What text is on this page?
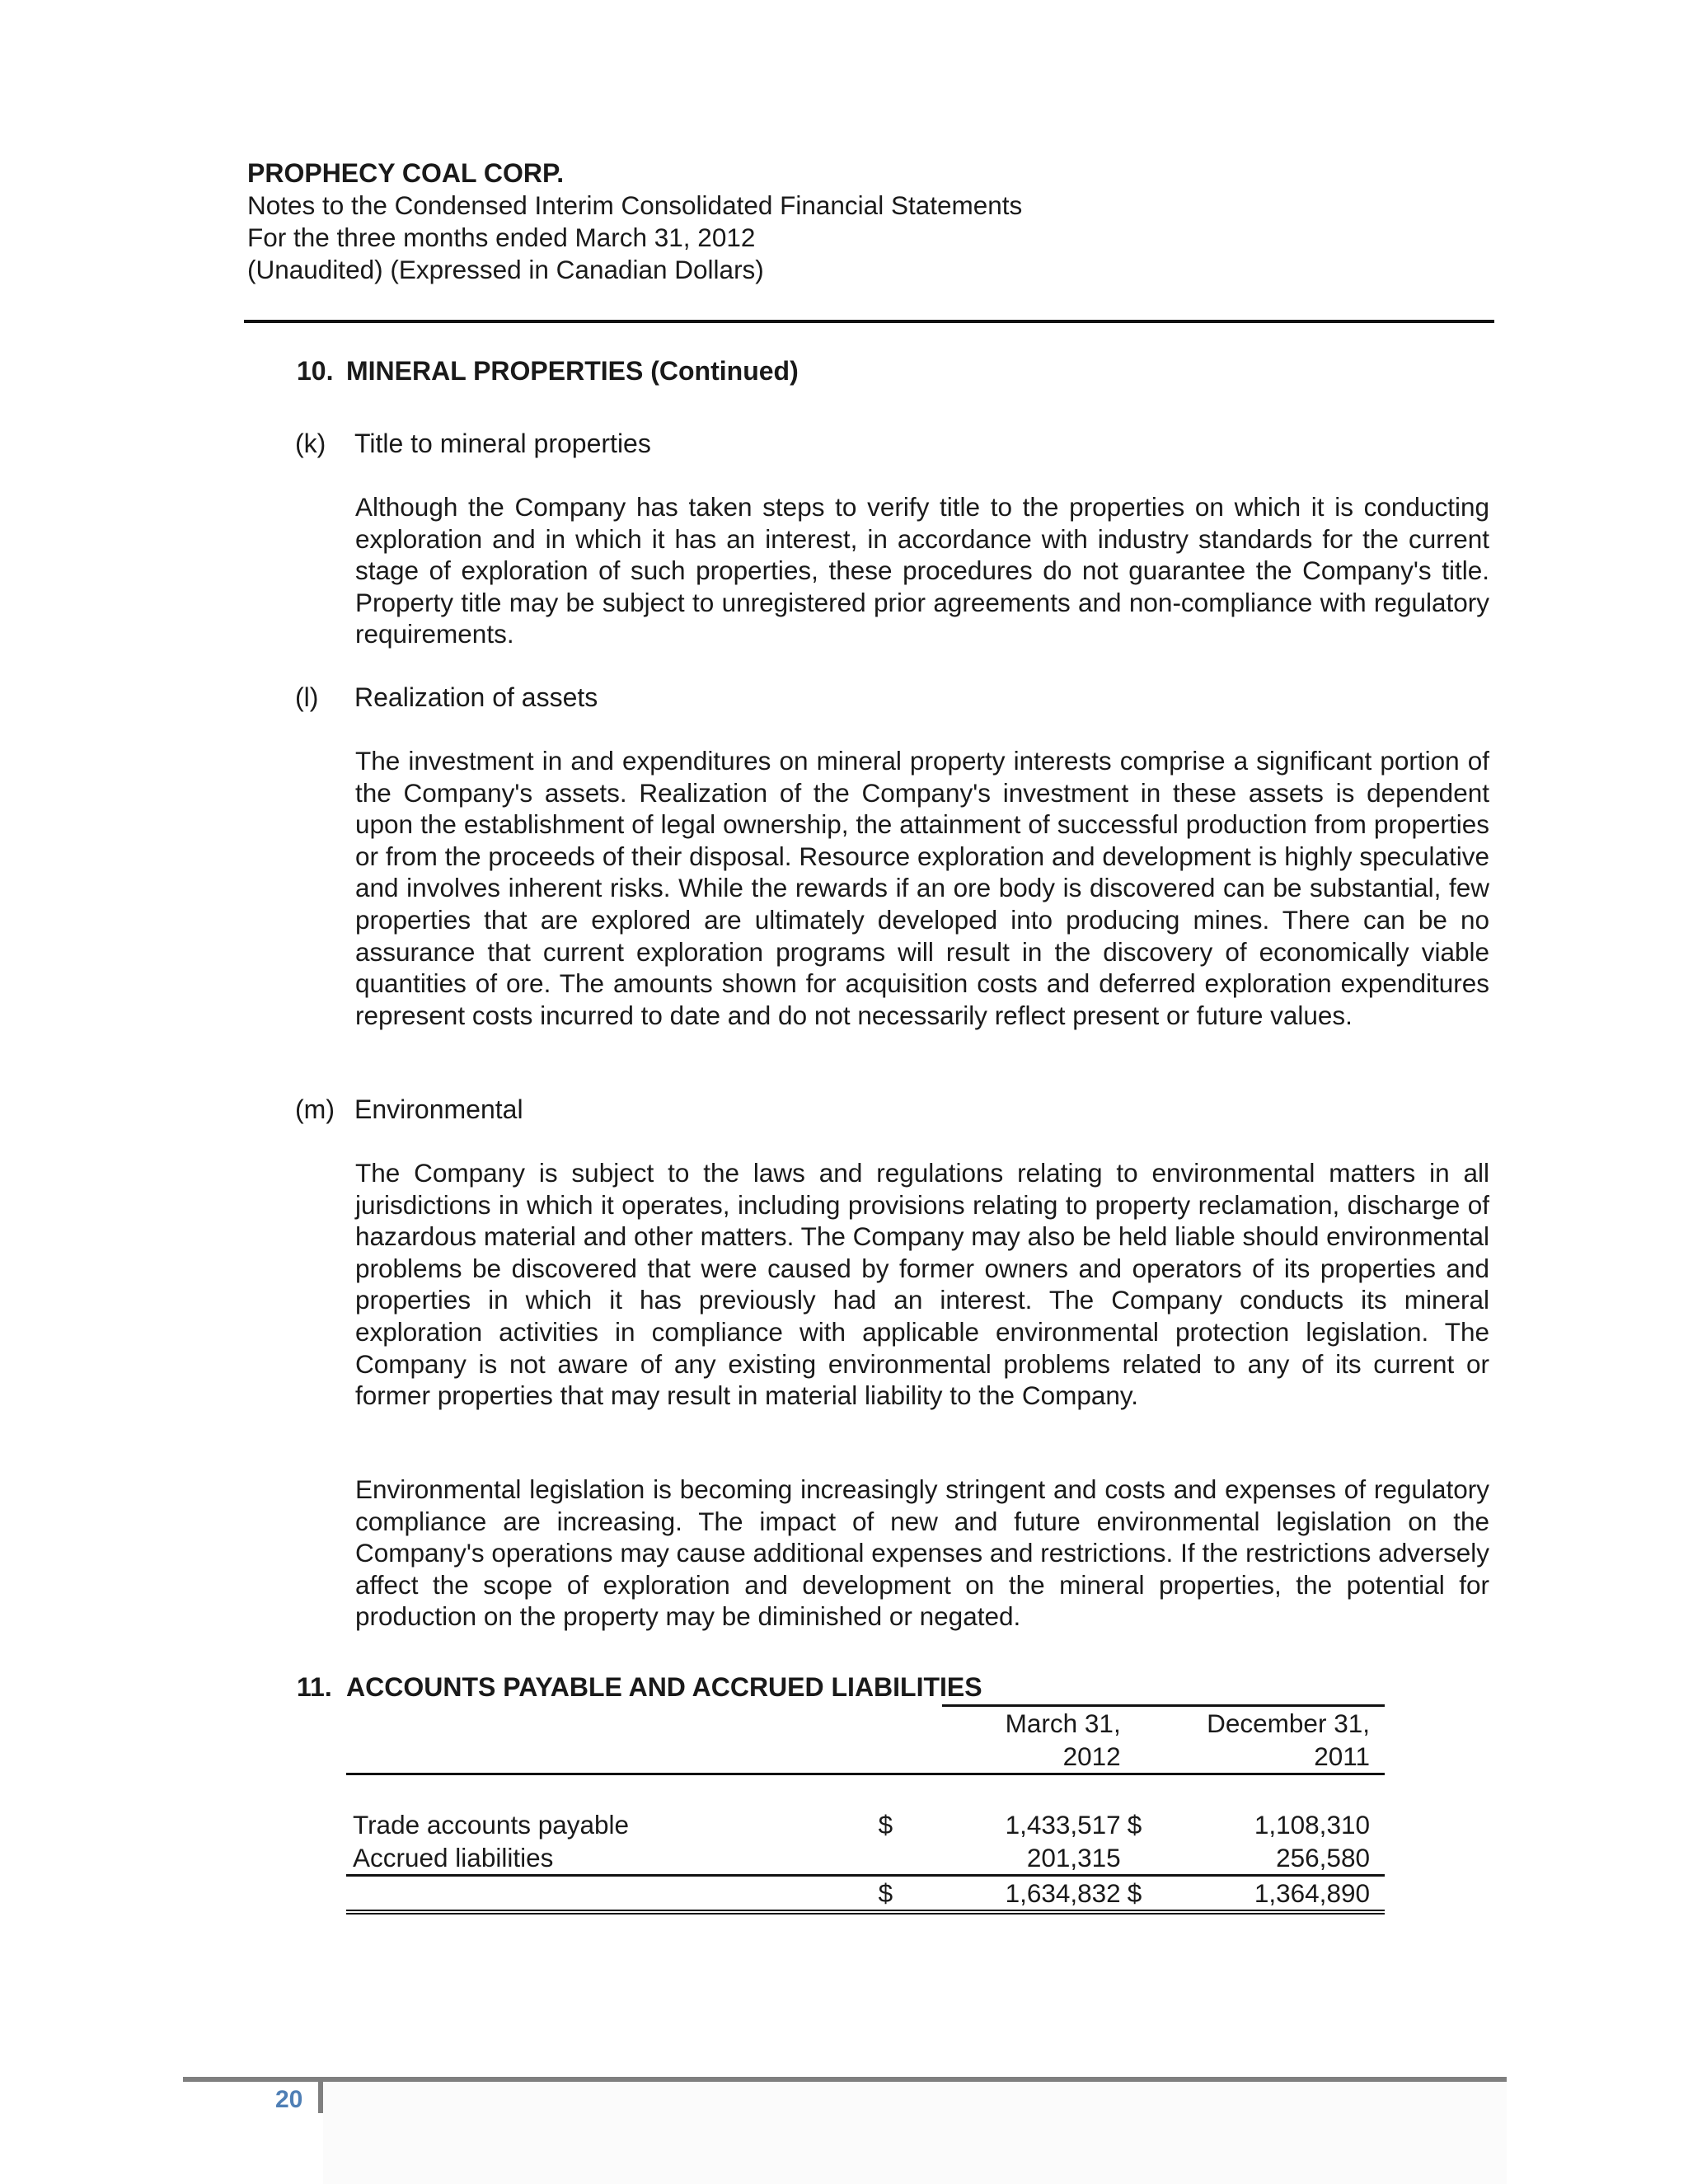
PROPHECY COAL CORP.
Notes to the Condensed Interim Consolidated Financial Statements
For the three months ended March 31, 2012
(Unaudited) (Expressed in Canadian Dollars)
10. MINERAL PROPERTIES (Continued)
(k) Title to mineral properties

Although the Company has taken steps to verify title to the properties on which it is conducting exploration and in which it has an interest, in accordance with industry standards for the current stage of exploration of such properties, these procedures do not guarantee the Company's title. Property title may be subject to unregistered prior agreements and non-compliance with regulatory requirements.

(l) Realization of assets

The investment in and expenditures on mineral property interests comprise a significant portion of the Company's assets. Realization of the Company's investment in these assets is dependent upon the establishment of legal ownership, the attainment of successful production from properties or from the proceeds of their disposal. Resource exploration and development is highly speculative and involves inherent risks. While the rewards if an ore body is discovered can be substantial, few properties that are explored are ultimately developed into producing mines. There can be no assurance that current exploration programs will result in the discovery of economically viable quantities of ore. The amounts shown for acquisition costs and deferred exploration expenditures represent costs incurred to date and do not necessarily reflect present or future values.

(m) Environmental

The Company is subject to the laws and regulations relating to environmental matters in all jurisdictions in which it operates, including provisions relating to property reclamation, discharge of hazardous material and other matters. The Company may also be held liable should environmental problems be discovered that were caused by former owners and operators of its properties and properties in which it has previously had an interest. The Company conducts its mineral exploration activities in compliance with applicable environmental protection legislation. The Company is not aware of any existing environmental problems related to any of its current or former properties that may result in material liability to the Company.

Environmental legislation is becoming increasingly stringent and costs and expenses of regulatory compliance are increasing. The impact of new and future environmental legislation on the Company's operations may cause additional expenses and restrictions. If the restrictions adversely affect the scope of exploration and development on the mineral properties, the potential for production on the property may be diminished or negated.

11. ACCOUNTS PAYABLE AND ACCRUED LIABILITIES
		March 31,		December 31,
		2012		2011

Trade accounts payable	$	1,433,517	$	1,108,310
Accrued liabilities		201,315		256,580
	$	1,634,832	$	1,364,890
20
